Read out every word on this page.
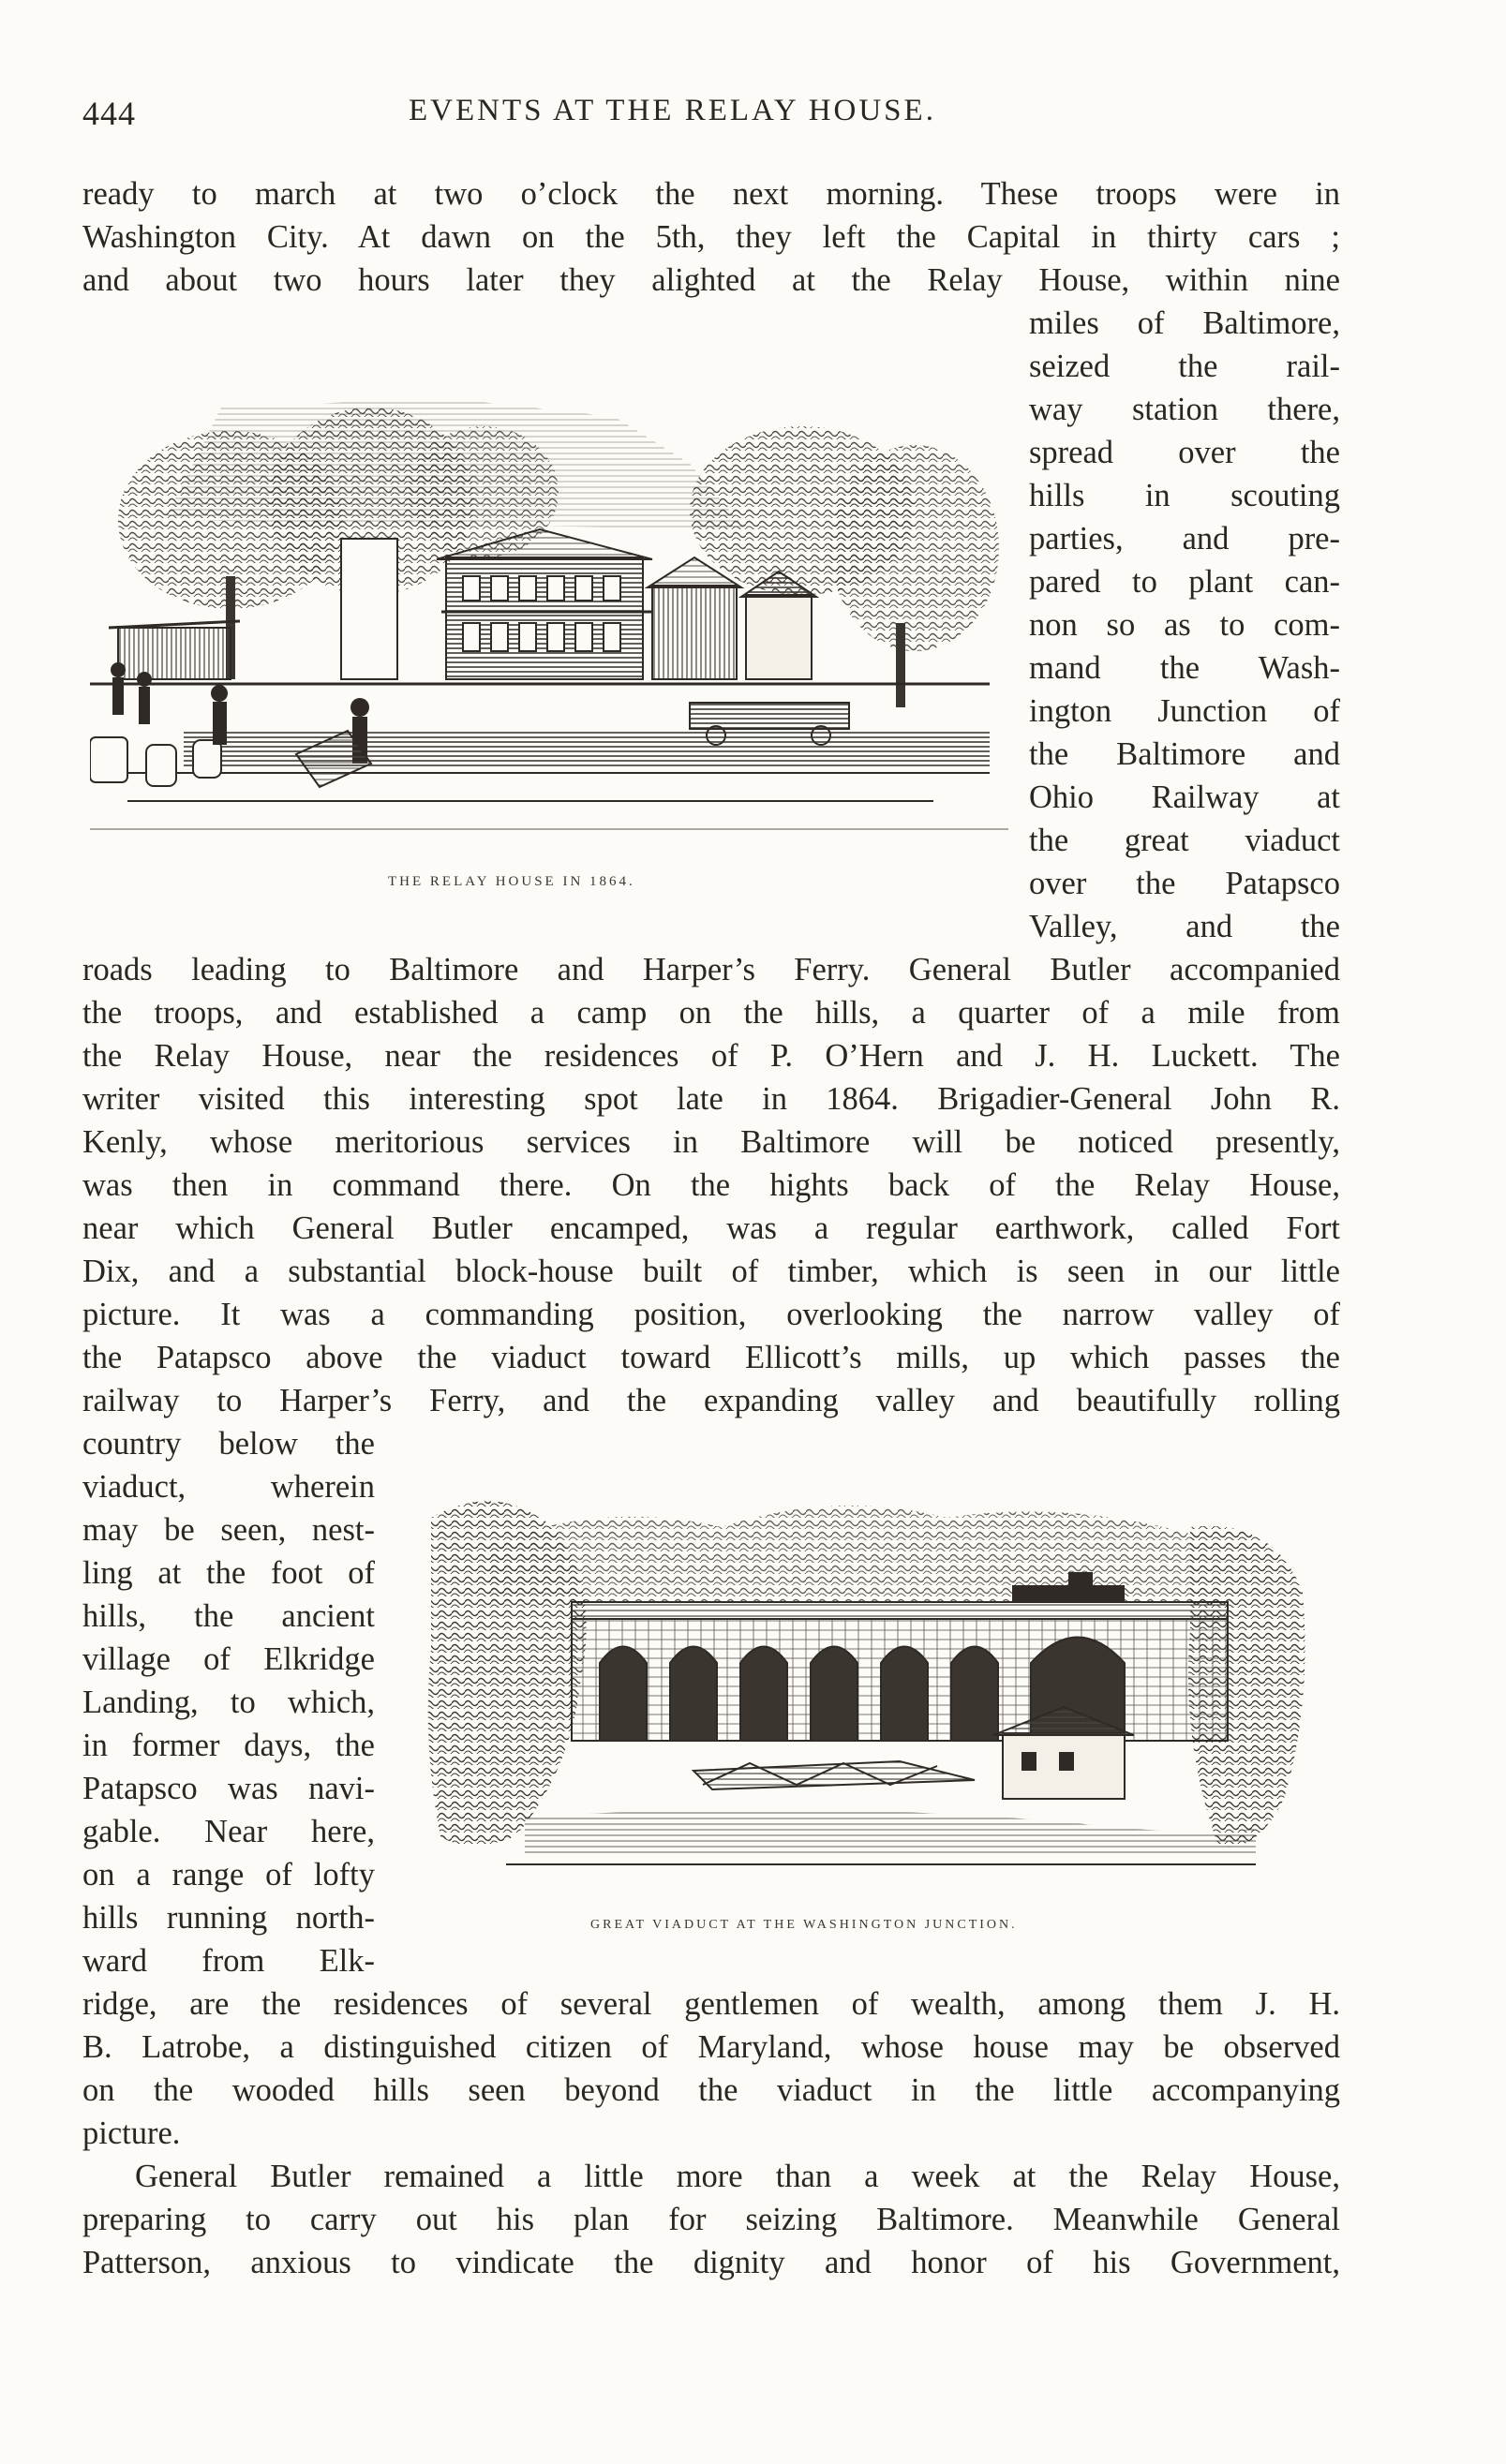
444	EVENTS AT THE RELAY HOUSE.
ready to march at two o’clock the next morning. These troops were in
Washington City. At dawn on the 5th, they left the Capital in thirty cars ;
and about two hours later they alighted at the Relay House, within nine
miles of Baltimore,
seized the rail-
way station there,
spread over the
hills in scouting
parties, and pre-
pared to plant can-
non so as to com-
mand the Wash-
ington Junction of
the Baltimore and
Ohio Railway at
the great viaduct
over the Patapsco
Valley, and the
roads leading to Baltimore and Harper’s Ferry. General Butler accompanied
the troops, and established a camp on the hills, a quarter of a mile from
the Relay House, near the residences of P. O’Hern and J. H. Luckett. The
writer visited this interesting spot late in 1864. Brigadier-General John R.
Kenly, whose meritorious services in Baltimore will be noticed presently,
was then in command there. On the hights back of the Relay House,
near which General Butler encamped, was a regular earthwork, called Fort
Dix, and a substantial block-house built of timber, which is seen in our little
picture. It was a commanding position, overlooking the narrow valley of
the Patapsco above the viaduct toward Ellicott’s mills, up which passes the
railway to Harper’s Ferry, and the expanding valley and beautifully rolling
country below the
viaduct, wherein
may be seen, nest-
ling at the foot of
hills, the ancient
village of Elkridge
Landing, to which,
in former days, the
Patapsco was navi-
gable. Near here,
on a range of lofty
hills running north-
ward from Elk-
ridge, are the residences of several gentlemen of wealth, among them J. H.
B. Latrobe, a distinguished citizen of Maryland, whose house may be observed
on the wooded hills seen beyond the viaduct in the little accompanying
picture.
General Butler remained a little more than a week at the Relay House,
preparing to carry out his plan for seizing Baltimore. Meanwhile General
Patterson, anxious to vindicate the dignity and honor of his Government,
THE RELAY HOUSE IN 1864.
GREAT VIADUCT AT THE WASHINGTON JUNCTION.
